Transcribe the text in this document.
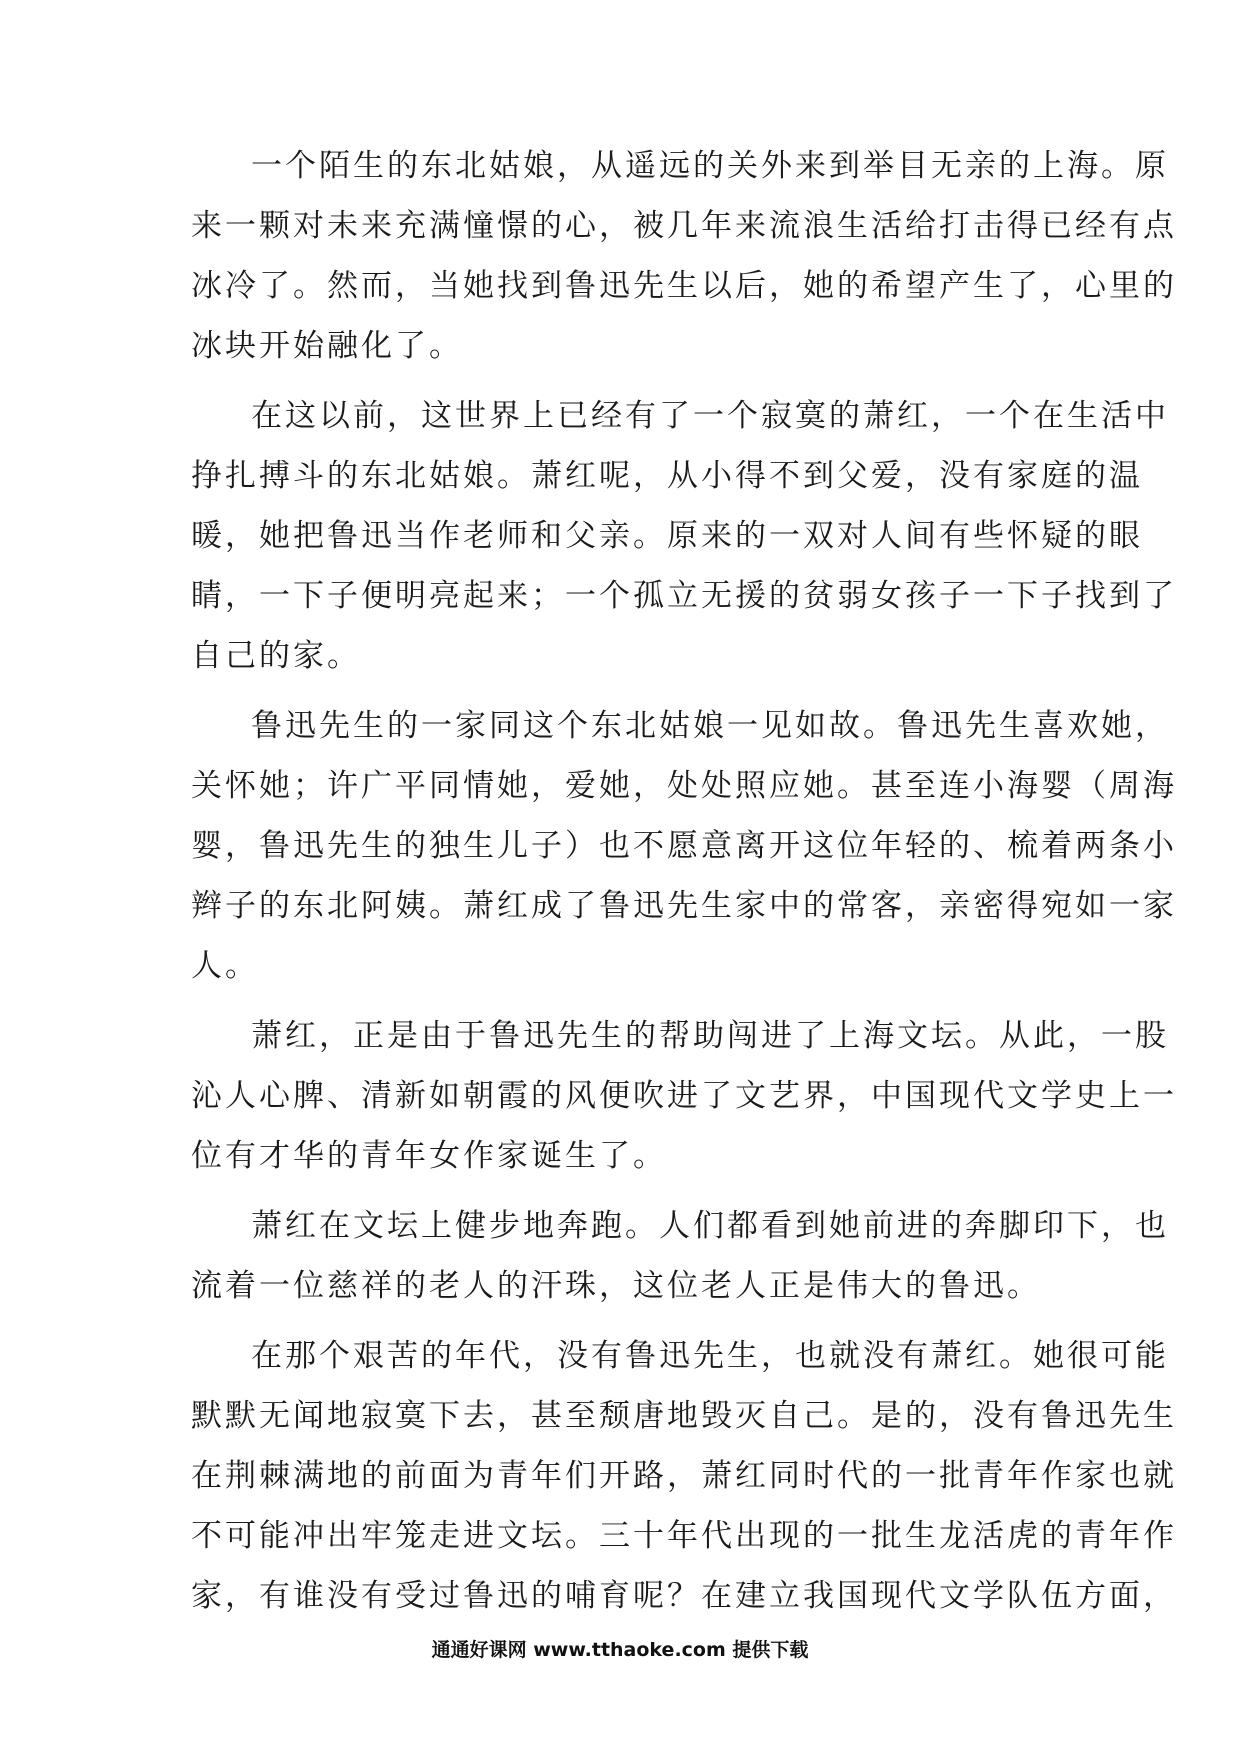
一个陌生的东北姑娘，从遥远的关外来到举目无亲的上海。原
来一颗对未来充满憧憬的心，被几年来流浪生活给打击得已经有点
冰冷了。然而，当她找到鲁迅先生以后，她的希望产生了，心里的
冰块开始融化了。
在这以前，这世界上已经有了一个寂寞的萧红，一个在生活中
挣扎搏斗的东北姑娘。萧红呢，从小得不到父爱，没有家庭的温
暖，她把鲁迅当作老师和父亲。原来的一双对人间有些怀疑的眼
睛，一下子便明亮起来；一个孤立无援的贫弱女孩子一下子找到了
自己的家。
鲁迅先生的一家同这个东北姑娘一见如故。鲁迅先生喜欢她，
关怀她；许广平同情她，爱她，处处照应她。甚至连小海婴（周海
婴，鲁迅先生的独生儿子）也不愿意离开这位年轻的、梳着两条小
辫子的东北阿姨。萧红成了鲁迅先生家中的常客，亲密得宛如一家
人。
萧红，正是由于鲁迅先生的帮助闯进了上海文坛。从此，一股
沁人心脾、清新如朝霞的风便吹进了文艺界，中国现代文学史上一
位有才华的青年女作家诞生了。
萧红在文坛上健步地奔跑。人们都看到她前进的奔脚印下，也
流着一位慈祥的老人的汗珠，这位老人正是伟大的鲁迅。
在那个艰苦的年代，没有鲁迅先生，也就没有萧红。她很可能
默默无闻地寂寞下去，甚至颓唐地毁灭自己。是的，没有鲁迅先生
在荆棘满地的前面为青年们开路，萧红同时代的一批青年作家也就
不可能冲出牢笼走进文坛。三十年代出现的一批生龙活虎的青年作
家，有谁没有受过鲁迅的哺育呢？在建立我国现代文学队伍方面，
通通好课网 www.tthaoke.com 提供下载
